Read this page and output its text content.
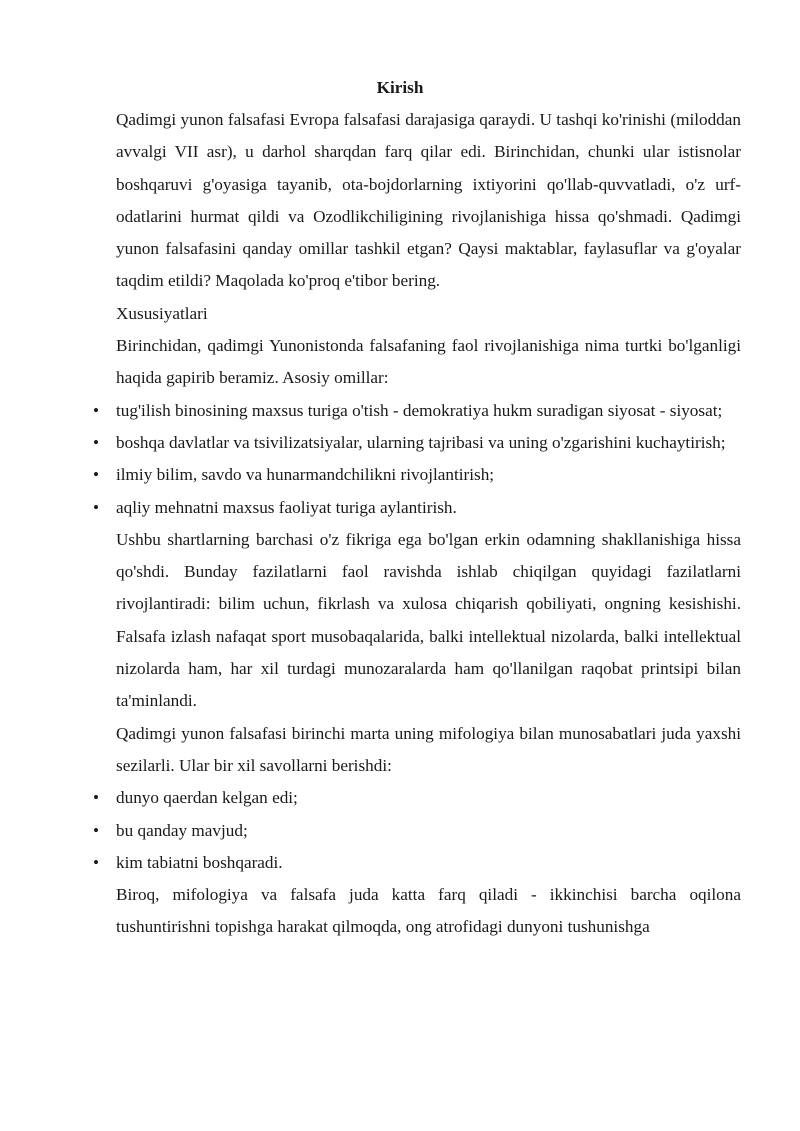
Kirish

Qadimgi yunon falsafasi Evropa falsafasi darajasiga qaraydi. U tashqi ko'rinishi (miloddan avvalgi VII asr), u darhol sharqdan farq qilar edi. Birinchidan, chunki ular istisnolar boshqaruvi g'oyasiga tayanib, ota-bojdorlarning ixtiyorini qo'llab-quvvatladi, o'z urf-odatlarini hurmat qildi va Ozodlikchiligining rivojlanishiga hissa qo'shmadi. Qadimgi yunon falsafasini qanday omillar tashkil etgan? Qaysi maktablar, faylasuflar va g'oyalar taqdim etildi? Maqolada ko'proq e'tibor bering.

Xususiyatlari

Birinchidan, qadimgi Yunonistonda falsafaning faol rivojlanishiga nima turtki bo'lganligi haqida gapirib beramiz. Asosiy omillar:

• tug'ilish binosining maxsus turiga o'tish - demokratiya hukm suradigan siyosat - siyosat;

• boshqa davlatlar va tsivilizatsiyalar, ularning tajribasi va uning o'zgarishini kuchaytirish;

• ilmiy bilim, savdo va hunarmandchilikni rivojlantirish;

• aqliy mehnatni maxsus faoliyat turiga aylantirish.

Ushbu shartlarning barchasi o'z fikriga ega bo'lgan erkin odamning shakllanishiga hissa qo'shdi. Bunday fazilatlarni faol ravishda ishlab chiqilgan quyidagi fazilatlarni rivojlantiradi: bilim uchun, fikrlash va xulosa chiqarish qobiliyati, ongning kesishishi. Falsafa izlash nafaqat sport musobaqalarida, balki intellektual nizolarda, balki intellektual nizolarda ham, har xil turdagi munozaralarda ham qo'llanilgan raqobat printsipi bilan ta'minlandi.

Qadimgi yunon falsafasi birinchi marta uning mifologiya bilan munosabatlari juda yaxshi sezilarli. Ular bir xil savollarni berishdi:

• dunyo qaerdan kelgan edi;

• bu qanday mavjud;

• kim tabiatni boshqaradi.

Biroq, mifologiya va falsafa juda katta farq qiladi - ikkinchisi barcha oqilona tushuntirishni topishga harakat qilmoqda, ong atrofidagi dunyoni tushunishga
